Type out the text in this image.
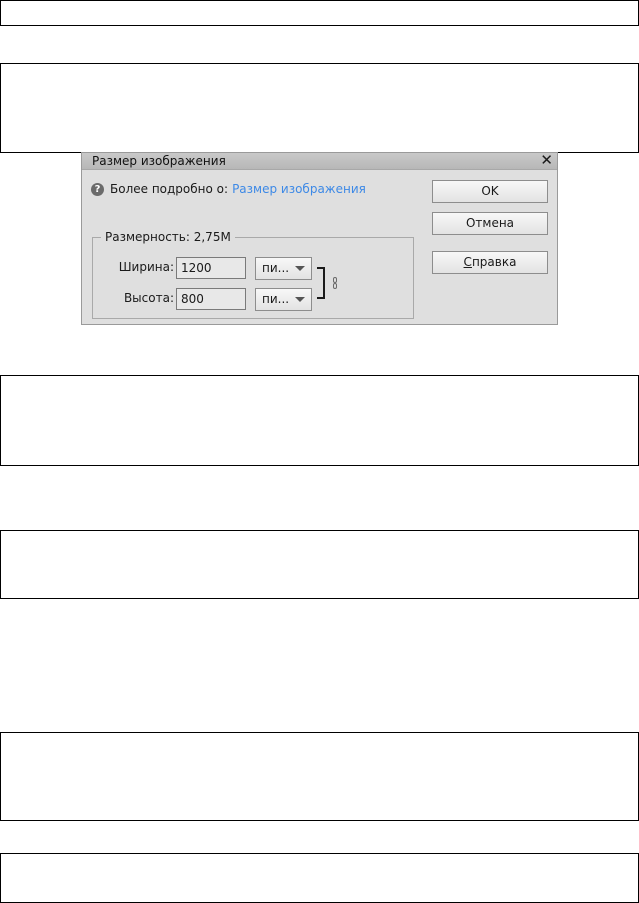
Размер изображения	✕
? Более подробно о: Размер изображения	OK
Отмена
Справка
Размерность: 2,75M
Ширина: 1200	пи...
Высота: 800	пи...
